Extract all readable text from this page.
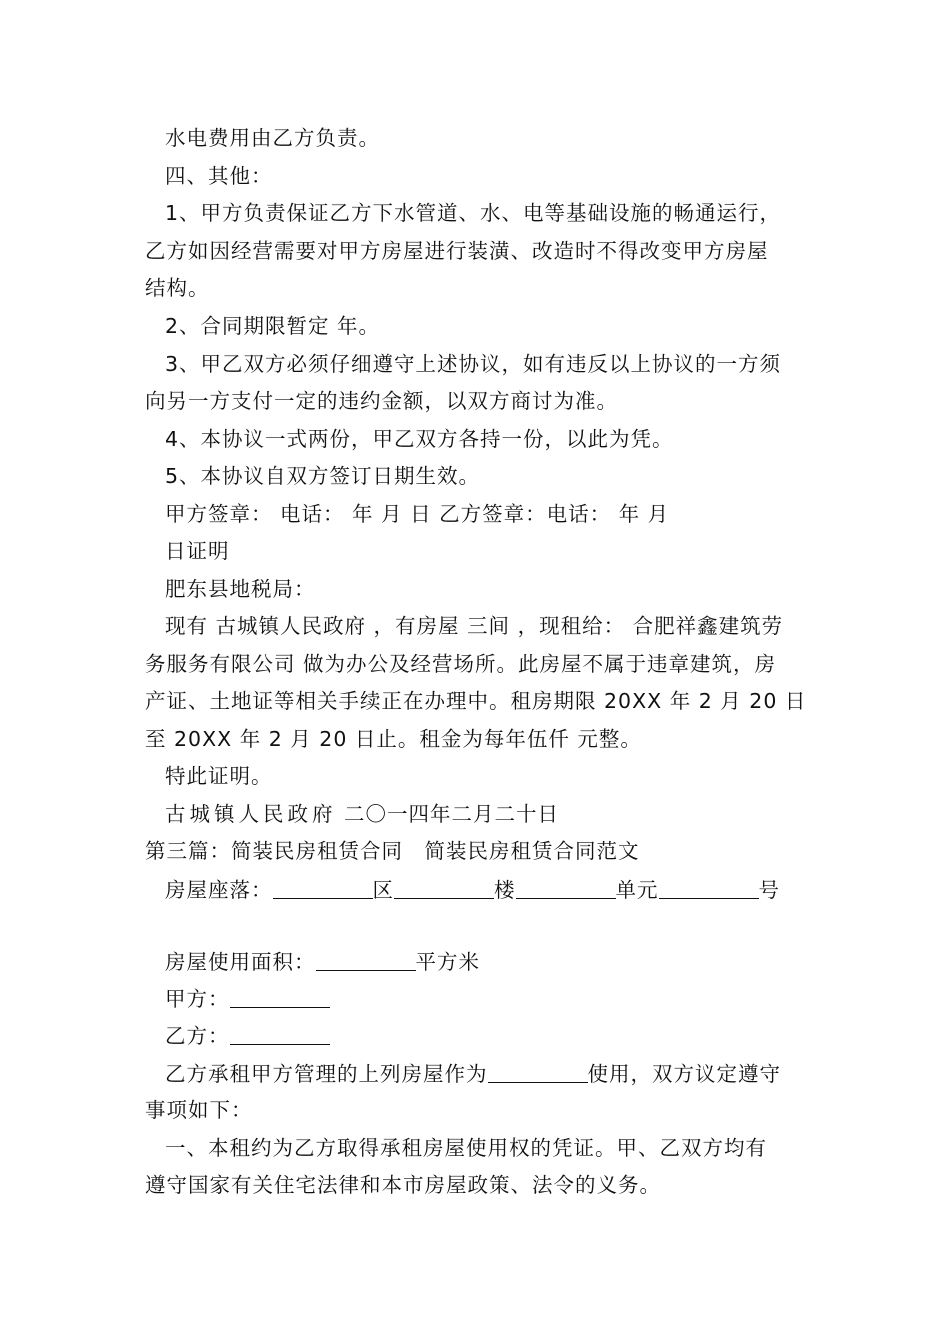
水电费用由乙方负责。
四、其他：
1、甲方负责保证乙方下水管道、水、电等基础设施的畅通运行，
乙方如因经营需要对甲方房屋进行装潢、改造时不得改变甲方房屋
结构。
2、合同期限暂定 年。
3、甲乙双方必须仔细遵守上述协议，如有违反以上协议的一方须
向另一方支付一定的违约金额，以双方商讨为准。
4、本协议一式两份，甲乙双方各持一份，以此为凭。
5、本协议自双方签订日期生效。
甲方签章： 电话： 年 月 日 乙方签章：电话： 年 月
日证明
肥东县地税局：
现有 古城镇人民政府 ，有房屋 三间 ，现租给： 合肥祥鑫建筑劳
务服务有限公司 做为办公及经营场所。此房屋不属于违章建筑，房
产证、土地证等相关手续正在办理中。租房期限 20XX 年 2 月 20 日
至 20XX 年 2 月 20 日止。租金为每年伍仟 元整。
特此证明。
古城镇人民政府 二〇一四年二月二十日
第三篇：简装民房租赁合同　简装民房租赁合同范文
房屋座落：	区	楼	单元	号
房屋使用面积：	平方米
甲方：
乙方：
乙方承租甲方管理的上列房屋作为	使用，双方议定遵守
事项如下：
一、本租约为乙方取得承租房屋使用权的凭证。甲、乙双方均有
遵守国家有关住宅法律和本市房屋政策、法令的义务。
